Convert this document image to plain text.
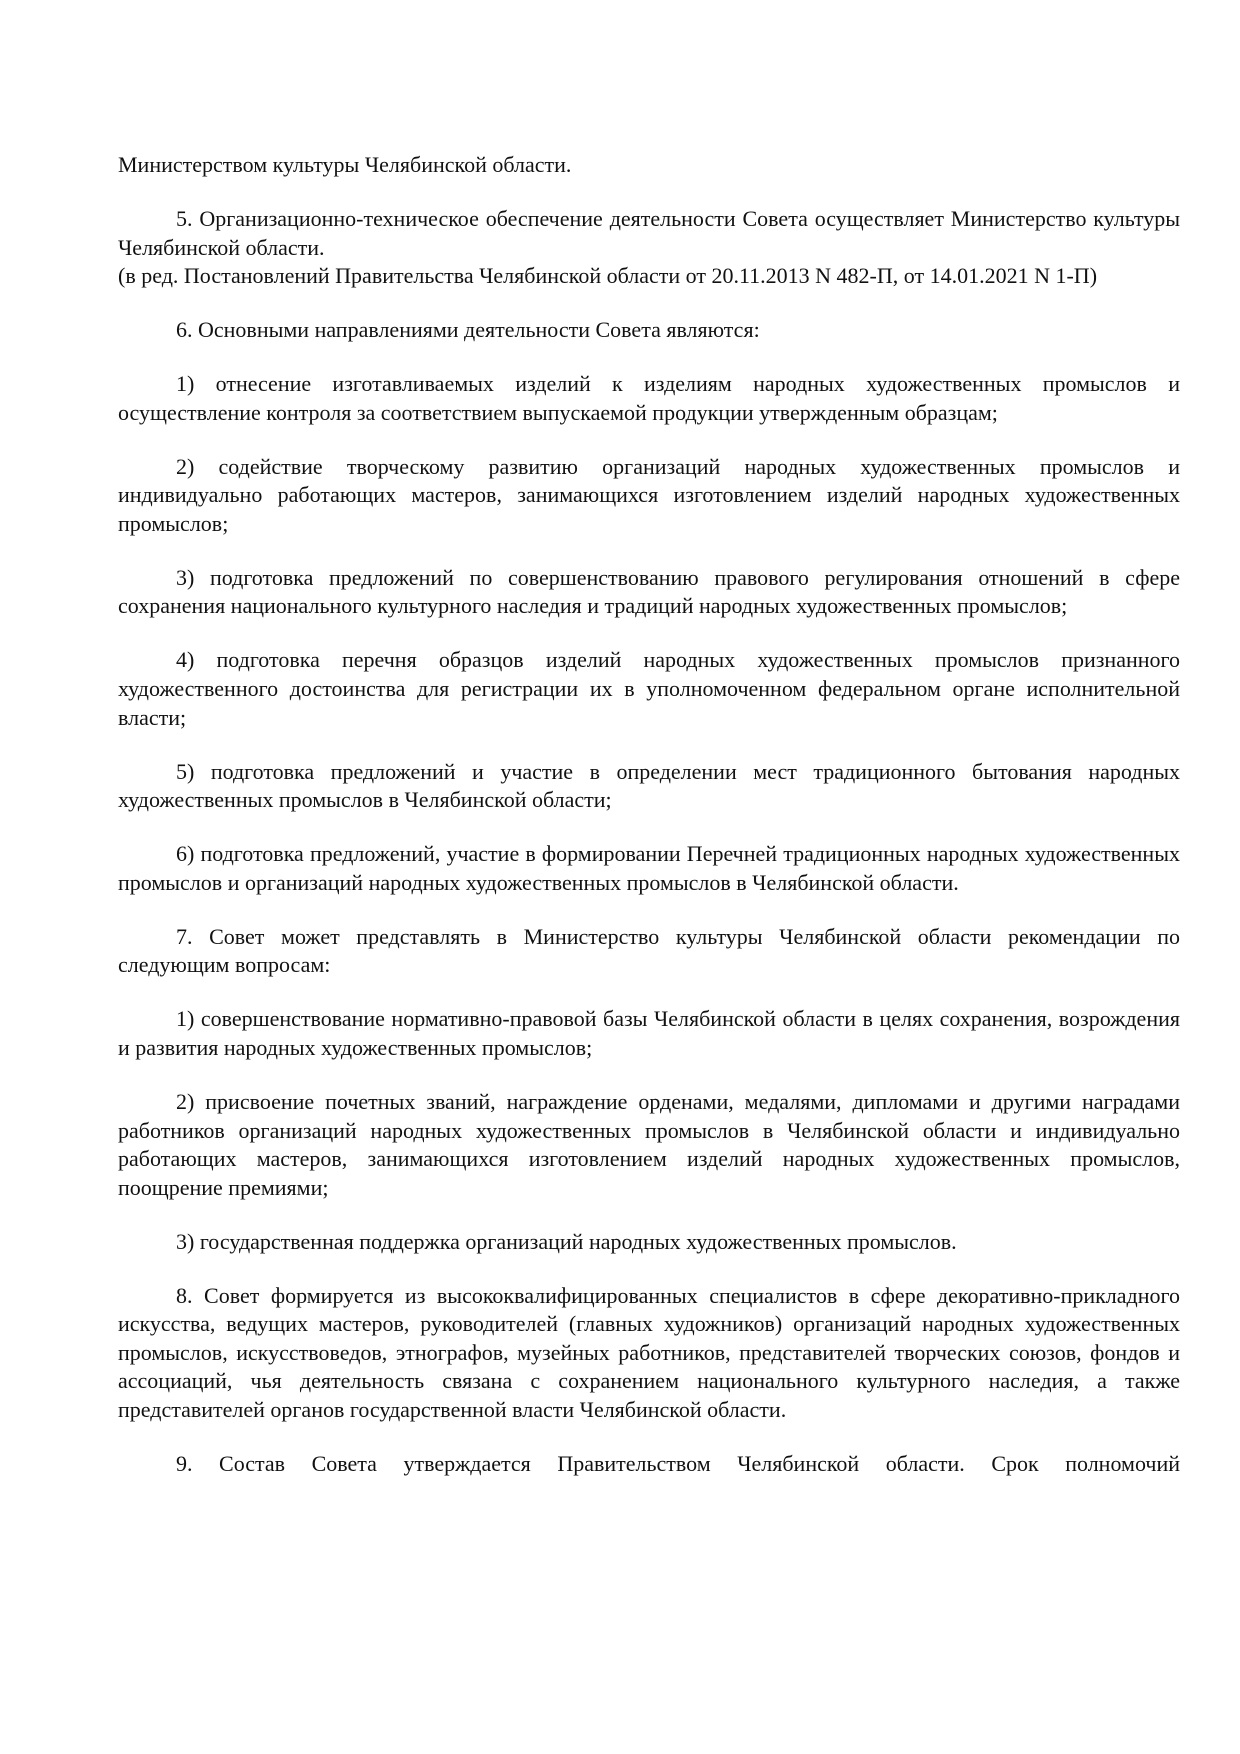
Министерством культуры Челябинской области.

5. Организационно-техническое обеспечение деятельности Совета осуществляет Министерство культуры Челябинской области.

(в ред. Постановлений Правительства Челябинской области от 20.11.2013 N 482-П, от 14.01.2021 N 1-П)

6. Основными направлениями деятельности Совета являются:

1) отнесение изготавливаемых изделий к изделиям народных художественных промыслов и осуществление контроля за соответствием выпускаемой продукции утвержденным образцам;

2) содействие творческому развитию организаций народных художественных промыслов и индивидуально работающих мастеров, занимающихся изготовлением изделий народных художественных промыслов;

3) подготовка предложений по совершенствованию правового регулирования отношений в сфере сохранения национального культурного наследия и традиций народных художественных промыслов;

4) подготовка перечня образцов изделий народных художественных промыслов признанного художественного достоинства для регистрации их в уполномоченном федеральном органе исполнительной власти;

5) подготовка предложений и участие в определении мест традиционного бытования народных художественных промыслов в Челябинской области;

6) подготовка предложений, участие в формировании Перечней традиционных народных художественных промыслов и организаций народных художественных промыслов в Челябинской области.

7. Совет может представлять в Министерство культуры Челябинской области рекомендации по следующим вопросам:

1) совершенствование нормативно-правовой базы Челябинской области в целях сохранения, возрождения и развития народных художественных промыслов;

2) присвоение почетных званий, награждение орденами, медалями, дипломами и другими наградами работников организаций народных художественных промыслов в Челябинской области и индивидуально работающих мастеров, занимающихся изготовлением изделий народных художественных промыслов, поощрение премиями;

3) государственная поддержка организаций народных художественных промыслов.

8. Совет формируется из высококвалифицированных специалистов в сфере декоративно-прикладного искусства, ведущих мастеров, руководителей (главных художников) организаций народных художественных промыслов, искусствоведов, этнографов, музейных работников, представителей творческих союзов, фондов и ассоциаций, чья деятельность связана с сохранением национального культурного наследия, а также представителей органов государственной власти Челябинской области.

9. Состав Совета утверждается Правительством Челябинской области. Срок полномочий
